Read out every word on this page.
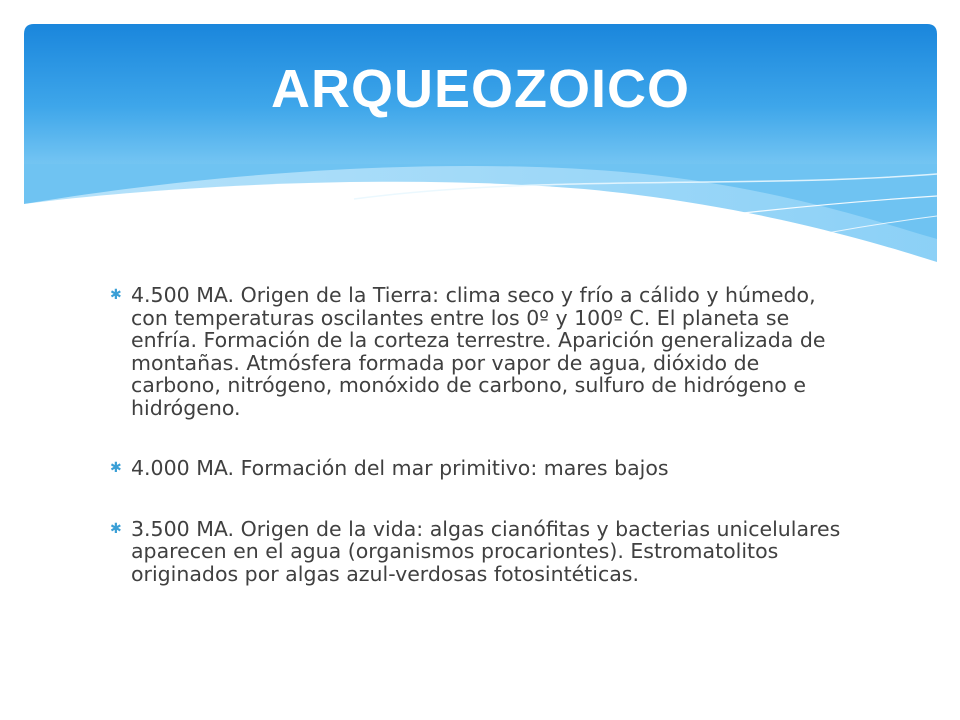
ARQUEOZOICO
✱ 4.500 MA. Origen de la Tierra: clima seco y frío a cálido y húmedo, con temperaturas oscilantes entre los 0º y 100º C. El planeta se enfría. Formación de la corteza terrestre. Aparición generalizada de montañas. Atmósfera formada por vapor de agua, dióxido de carbono, nitrógeno, monóxido de carbono, sulfuro de hidrógeno e hidrógeno.
✱ 4.000 MA. Formación del mar primitivo: mares bajos
✱ 3.500 MA. Origen de la vida: algas cianófitas y bacterias unicelulares aparecen en el agua (organismos procariontes). Estromatolitos originados por algas azul-verdosas fotosintéticas.
